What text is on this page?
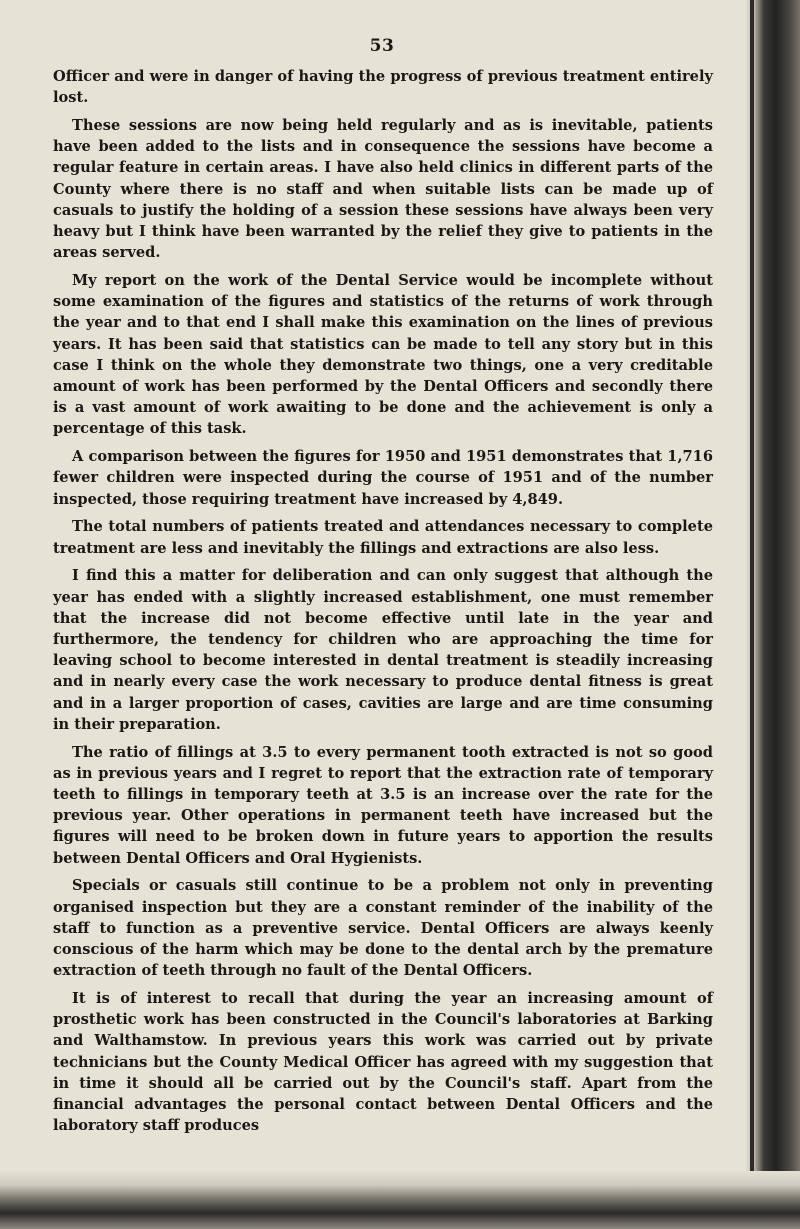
53

Officer and were in danger of having the progress of previous treatment entirely lost.

These sessions are now being held regularly and as is inevitable, patients have been added to the lists and in consequence the sessions have become a regular feature in certain areas. I have also held clinics in different parts of the County where there is no staff and when suitable lists can be made up of casuals to justify the holding of a session these sessions have always been very heavy but I think have been warranted by the relief they give to patients in the areas served.

My report on the work of the Dental Service would be incomplete without some examination of the figures and statistics of the returns of work through the year and to that end I shall make this examination on the lines of previous years. It has been said that statistics can be made to tell any story but in this case I think on the whole they demonstrate two things, one a very creditable amount of work has been performed by the Dental Officers and secondly there is a vast amount of work awaiting to be done and the achievement is only a percentage of this task.

A comparison between the figures for 1950 and 1951 demonstrates that 1,716 fewer children were inspected during the course of 1951 and of the number inspected, those requiring treatment have increased by 4,849.

The total numbers of patients treated and attendances necessary to complete treatment are less and inevitably the fillings and extractions are also less.

I find this a matter for deliberation and can only suggest that although the year has ended with a slightly increased establishment, one must remember that the increase did not become effective until late in the year and furthermore, the tendency for children who are approaching the time for leaving school to become interested in dental treatment is steadily increasing and in nearly every case the work necessary to produce dental fitness is great and in a larger proportion of cases, cavities are large and are time consuming in their preparation.

The ratio of fillings at 3.5 to every permanent tooth extracted is not so good as in previous years and I regret to report that the extraction rate of temporary teeth to fillings in temporary teeth at 3.5 is an increase over the rate for the previous year. Other operations in permanent teeth have increased but the figures will need to be broken down in future years to apportion the results between Dental Officers and Oral Hygienists.

Specials or casuals still continue to be a problem not only in preventing organised inspection but they are a constant reminder of the inability of the staff to function as a preventive service. Dental Officers are always keenly conscious of the harm which may be done to the dental arch by the premature extraction of teeth through no fault of the Dental Officers.

It is of interest to recall that during the year an increasing amount of prosthetic work has been constructed in the Council's laboratories at Barking and Walthamstow. In previous years this work was carried out by private technicians but the County Medical Officer has agreed with my suggestion that in time it should all be carried out by the Council's staff. Apart from the financial advantages the personal contact between Dental Officers and the laboratory staff produces
